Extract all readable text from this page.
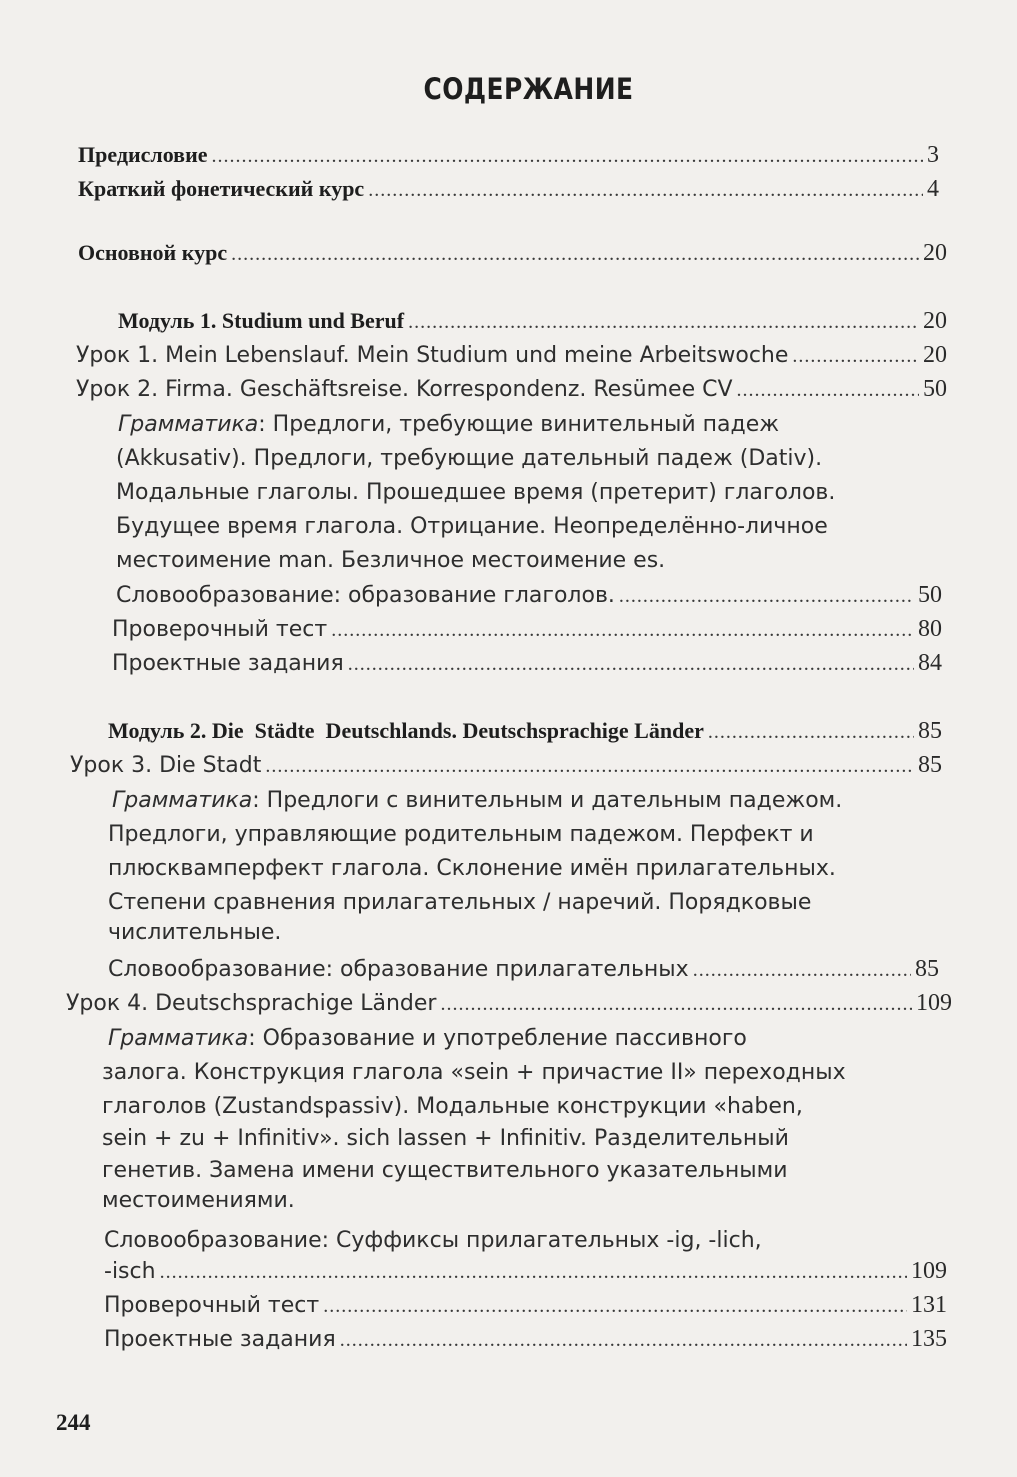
СОДЕРЖАНИЕ
Предисловие .....	3
Краткий фонетический курс .....	4
Основной курс .....	20
Модуль 1. Studium und Beruf .....	20
Урок 1. Mein Lebenslauf. Mein Studium und meine Arbeitswoche .....	20
Урок 2. Firma. Geschäftsreise. Korrespondenz. Resümee CV .....	50
Грамматика: Предлоги, требующие винительный падеж
(Akkusativ). Предлоги, требующие дательный падеж (Dativ).
Модальные глаголы. Прошедшее время (претерит) глаголов.
Будущее время глагола. Отрицание. Неопределённо-личное
местоимение man. Безличное местоимение es.
Словообразование: образование глаголов. .....	50
Проверочный тест .....	80
Проектные задания .....	84
Модуль 2. Die  Städte  Deutschlands. Deutschsprachige Länder .....	85
Урок 3. Die Stadt .....	85
Грамматика: Предлоги с винительным и дательным падежом.
Предлоги, управляющие родительным падежом. Перфект и
плюсквамперфект глагола. Склонение имён прилагательных.
Степени сравнения прилагательных / наречий. Порядковые
числительные.
Словообразование: образование прилагательных .....	85
Урок 4. Deutschsprachige Länder .....	109
Грамматика: Образование и употребление пассивного
залога. Конструкция глагола «sein + причастие II» переходных
глаголов (Zustandspassiv). Модальные конструкции «haben,
sein + zu + Infinitiv». sich lassen + Infinitiv. Разделительный
генетив. Замена имени существительного указательными
местоимениями.
Словообразование: Суффиксы прилагательных -ig, -lich,
-isch .....	109
Проверочный тест .....	131
Проектные задания .....	135
244
